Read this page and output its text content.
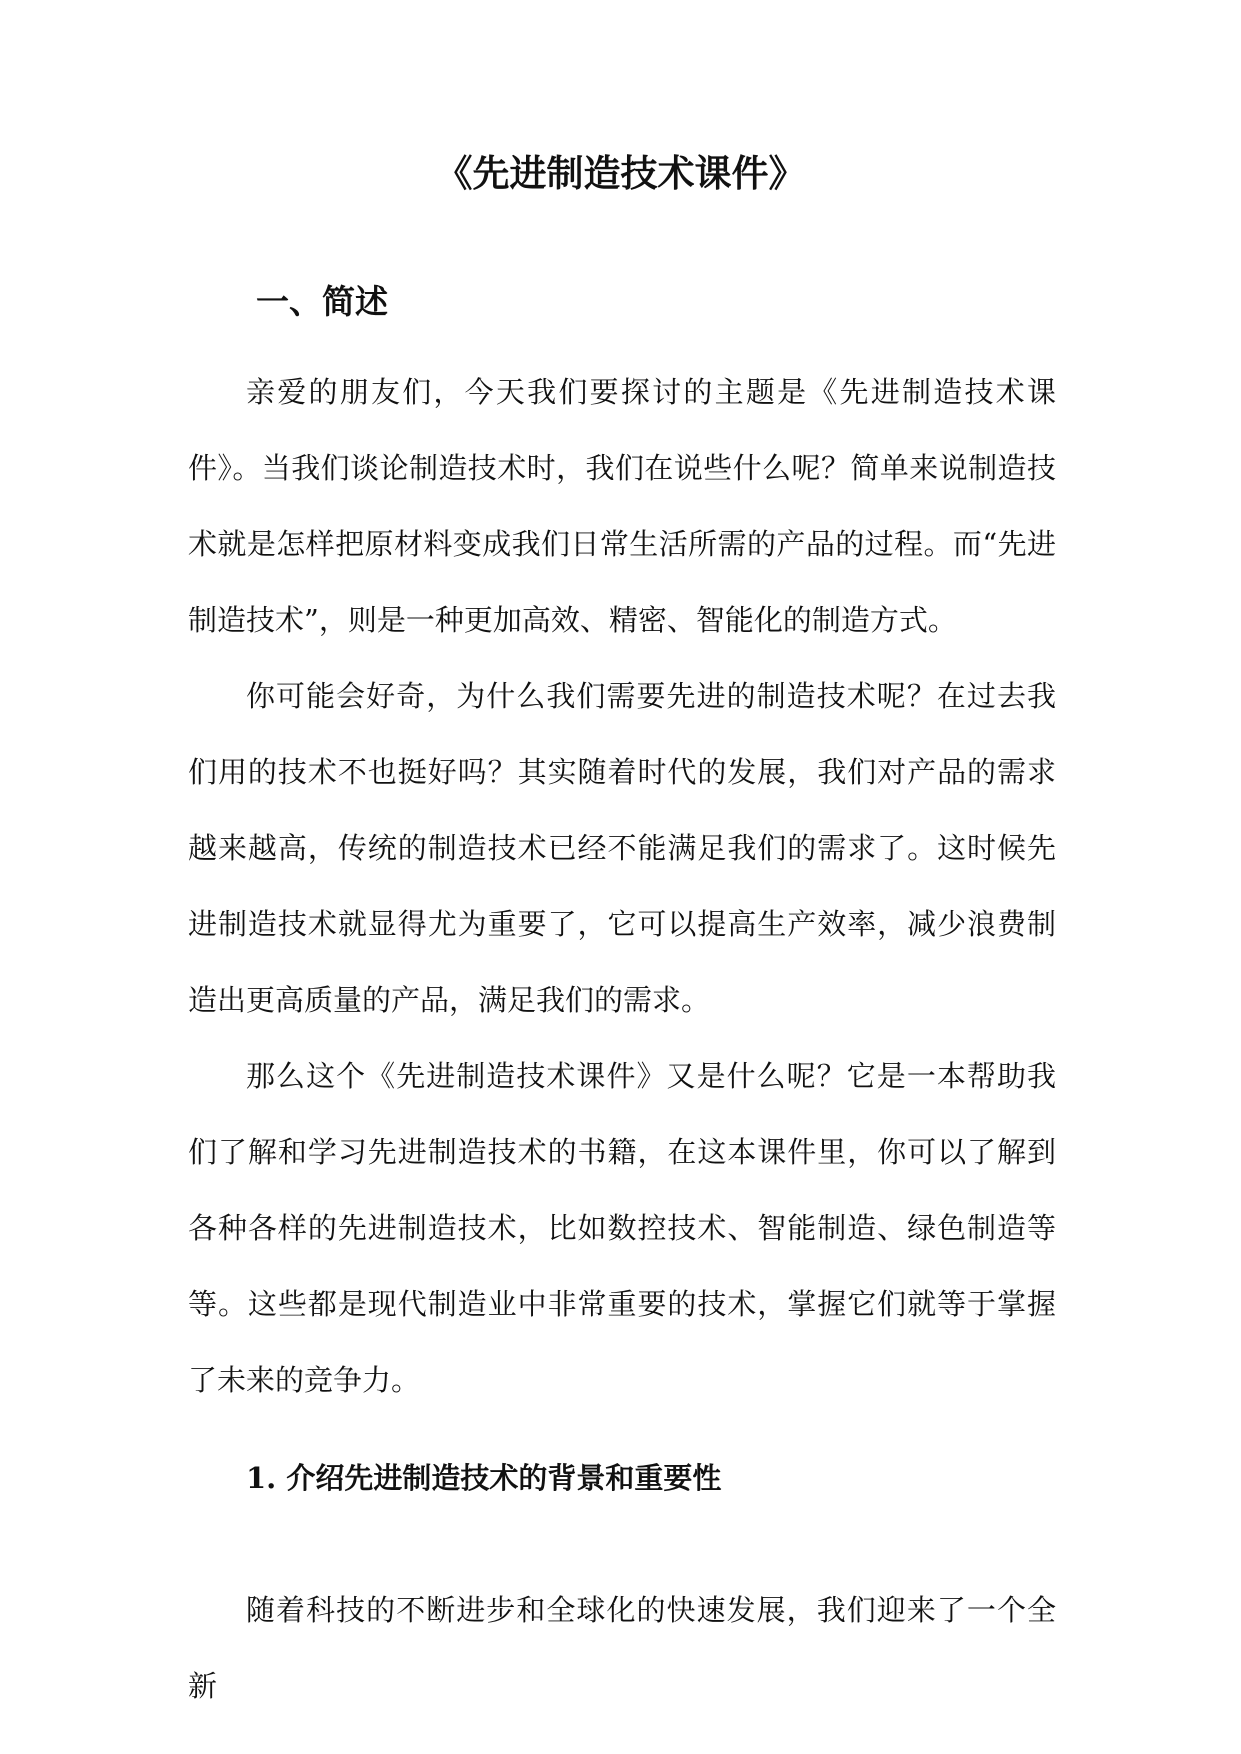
《先进制造技术课件》
一、简述

亲爱的朋友们，今天我们要探讨的主题是《先进制造技术课件》。当我们谈论制造技术时，我们在说些什么呢？简单来说制造技术就是怎样把原材料变成我们日常生活所需的产品的过程。而“先进制造技术”，则是一种更加高效、精密、智能化的制造方式。

你可能会好奇，为什么我们需要先进的制造技术呢？在过去我们用的技术不也挺好吗？其实随着时代的发展，我们对产品的需求越来越高，传统的制造技术已经不能满足我们的需求了。这时候先进制造技术就显得尤为重要了，它可以提高生产效率，减少浪费制造出更高质量的产品，满足我们的需求。

那么这个《先进制造技术课件》又是什么呢？它是一本帮助我们了解和学习先进制造技术的书籍，在这本课件里，你可以了解到各种各样的先进制造技术，比如数控技术、智能制造、绿色制造等等。这些都是现代制造业中非常重要的技术，掌握它们就等于掌握了未来的竞争力。

1. 介绍先进制造技术的背景和重要性

随着科技的不断进步和全球化的快速发展，我们迎来了一个全新
